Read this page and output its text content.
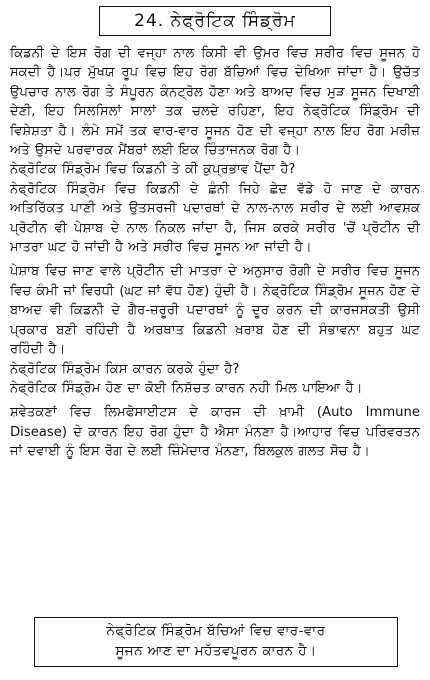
24. ਨੇਫ੍ਰੋਟਿਕ ਸਿੰਡ੍ਰੋਮ

ਕਿਡਨੀ ਦੇ ਇਸ ਰੋਗ ਦੀ ਵਜ੍ਹਾ ਨਾਲ ਕਿਸੀ ਵੀ ਉਮਰ ਵਿਚ ਸਰੀਰ ਵਿਚ ਸੂਜਨ ਹੋ ਸਕਦੀ ਹੈ।ਪਰ ਮੁੱਖਯ ਰੂਪ ਵਿਚ ਇਹ ਰੋਗ ਬੱਚਿਆਂ ਵਿਚ ਦੇਖਿਆ ਜਾਂਦਾ ਹੈ। ਉਚੱਤ ਉਪਚਾਰ ਨਾਲ ਰੋਗ ਤੇ ਸੰਪੂਰਨ ਕੰਨਟ੍ਰੋਲ ਹੋਣਾ ਅਤੇ ਬਾਅਦ ਵਿਚ ਮੁੜ ਸੂਜਨ ਦਿਖਾਈ ਦੇਣੀ, ਇਹ ਸਿਲਸਿਲਾਂ ਸਾਲਾਂ ਤਕ ਚਲਦੇ ਰਹਿਣਾ, ਇਹ ਨੇਫ੍ਰੋਟਿਕ ਸਿੰਡ੍ਰੋਮ ਦੀ ਵਿਸ਼ੇਸ਼ਤਾ ਹੈ। ਲੰਮੇ ਸਮੇਂ ਤਕ ਵਾਰ-ਵਾਰ ਸੂਜਨ ਹੋਣ ਦੀ ਵਜ੍ਹਾ ਨਾਲ ਇਹ ਰੋਗ ਮਰੀਜ਼ ਅਤੇ ਉਸਦੇ ਪਰਵਾਰਕ ਮੈਂਬਰਾਂ ਲਈ ਇਕ ਚਿੰਤਾਜਨਕ ਰੋਗ ਹੈ।

ਨੇਫ੍ਰੋਟਿਕ ਸਿੰਡ੍ਰੋਮ ਵਿਚ ਕਿਡਨੀ ਤੇ ਕੀ ਕੁਪ੍ਰਭਾਵ ਪੈਂਦਾ ਹੈ?

ਨੇਫ੍ਰੋਟਿਕ ਸਿੰਡ੍ਰੋਮ ਵਿਚ ਕਿਡਨੀ ਦੇ ਛੰਨੀ ਜਿਹੇ ਛੇਦ ਵੱਡੇ ਹੋ ਜਾਣ ਦੇ ਕਾਰਨ ਅਤਿਰਿੱਕਤ ਪਾਣੀ ਅਤੇ ਉਤਸਰਜੀ ਪਦਾਰਥਾਂ ਦੇ ਨਾਲ-ਨਾਲ ਸਰੀਰ ਦੇ ਲਈ ਆਵਸ਼ਕ ਪ੍ਰੋਟੀਨ ਵੀ ਪੇਸ਼ਾਬ ਦੇ ਨਾਲ ਨਿਕਲ ਜਾਂਦਾ ਹੈ, ਜਿਸ ਕਰਕੇ ਸਰੀਰ 'ਚੋਂ ਪ੍ਰੋਟੀਨ ਦੀ ਮਾਤਰਾ ਘਟ ਹੋ ਜਾਂਦੀ ਹੈ ਅਤੇ ਸਰੀਰ ਵਿਚ ਸੂਜਨ ਆ ਜਾਂਦੀ ਹੈ।

ਪੇਸ਼ਾਬ ਵਿਚ ਜਾਣ ਵਾਲੇ ਪ੍ਰੋਟੀਨ ਦੀ ਮਾਤਰਾ ਦੇ ਅਨੁਸਾਰ ਰੋਗੀ ਦੇ ਸਰੀਰ ਵਿਚ ਸੂਜਨ ਵਿਚ ਕੰਮੀ ਜਾਂ ਵਿਰਧੀ (ਘਟ ਜਾਂ ਵੱਧ ਹੋਣ) ਹੁੰਦੀ ਹੈ। ਨੇਫ੍ਰੋਟਿਕ ਸਿੰਡ੍ਰੋਮ ਸੂਜਨ ਹੋਣ ਦੇ ਬਾਅਦ ਵੀ ਕਿਡਨੀ ਦੇ ਗੈਰ-ਜ਼ਰੂਰੀ ਪਦਾਰਥਾਂ ਨੂੰ ਦੂਰ ਕਰਨ ਦੀ ਕਾਰਜਸਕਤੀ ਉਸੀ ਪ੍ਰਕਾਰ ਬਣੀ ਰਹਿੰਦੀ ਹੈ ਅਰਥਾਤ ਕਿਡਨੀ ਖ਼ਰਾਬ ਹੋਣ ਦੀ ਸੰਭਾਵਨਾ ਬਹੁਤ ਘਟ ਰਹਿੰਦੀ ਹੈ।

ਨੇਫ੍ਰੋਟਿਕ ਸਿੰਡ੍ਰੋਮ ਕਿਸ ਕਾਰਨ ਕਰਕੇ ਹੁੰਦਾ ਹੈ?

ਨੇਫ੍ਰੋਟਿਕ ਸਿੰਡ੍ਰੋਮ ਹੋਣ ਦਾ ਕੋਈ ਨਿਸ਼ੱਚਤ ਕਾਰਨ ਨਹੀ ਮਿਲ ਪਾਇਆ ਹੈ।

ਸ਼ਵੇਤਕਣਾਂ ਵਿਚ ਲਿਮਫੋਸਾਈਟਸ ਦੇ ਕਾਰਜ ਦੀ ਖ਼ਾਮੀ (Auto Immune Disease) ਦੇ ਕਾਰਨ ਇਹ ਰੋਗ ਹੁੰਦਾ ਹੈ ਐਸਾ ਮੰਨਣਾ ਹੈ।ਆਹਾਰ ਵਿਚ ਪਰਿਵਰਤਨ ਜਾਂ ਦਵਾਈ ਨੂੰ ਇਸ ਰੋਗ ਦੇ ਲਈ ਜ਼ਿੰਮੇਦਾਰ ਮੰਨਣਾ, ਬਿਲਕੁਲ ਗਲਤ ਸੋਚ ਹੈ।

ਨੇਫ੍ਰੋਟਿਕ ਸਿੰਡ੍ਰੋਮ ਬੱਚਿਆਂ ਵਿਚ ਵਾਰ-ਵਾਰ
ਸੂਜਨ ਆਣ ਦਾ ਮਹੱਤਵਪੂਰਨ ਕਾਰਨ ਹੈ।
